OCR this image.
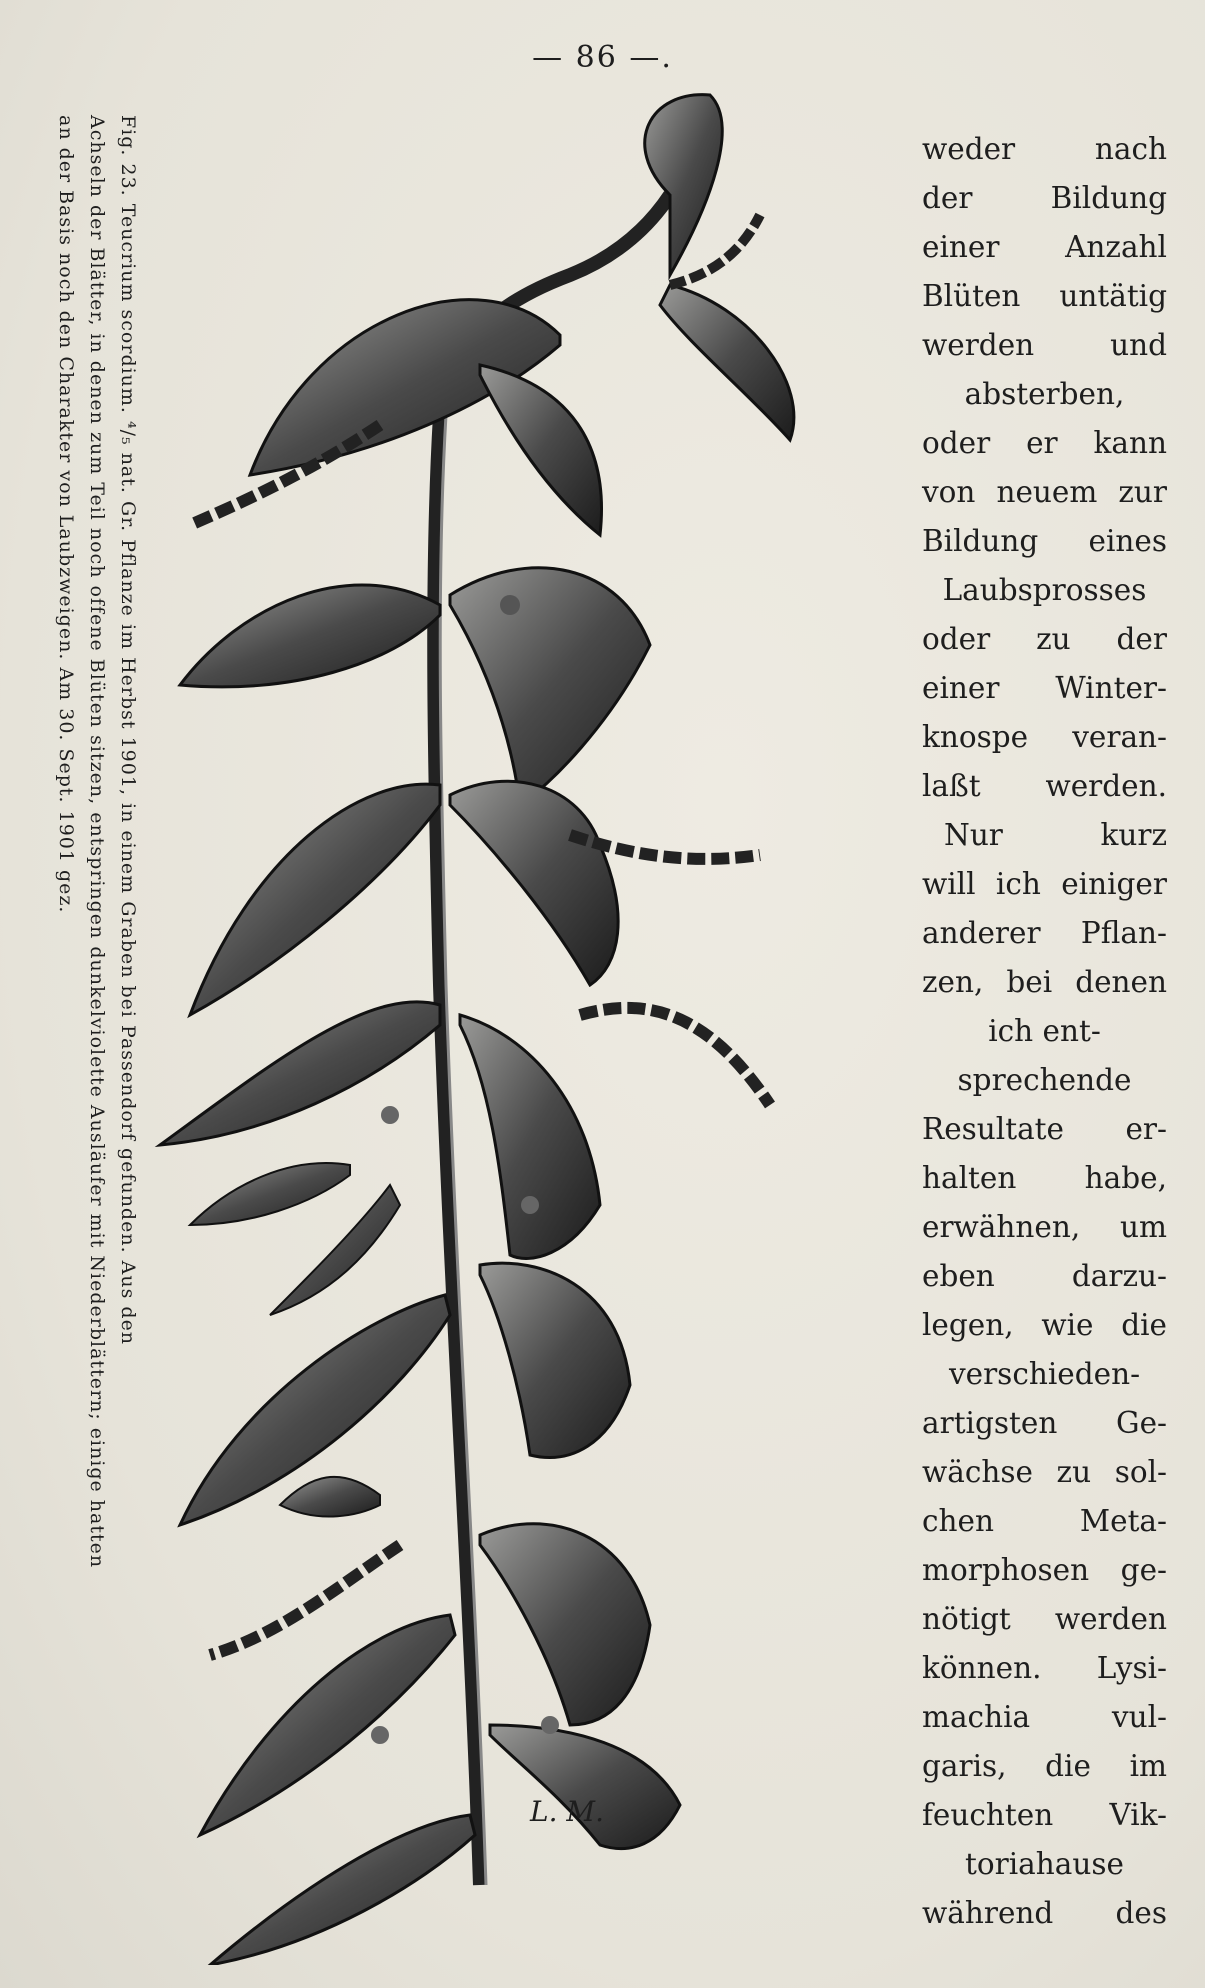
— 86 —.
Fig. 23. Teucrium scordium. ⁴/₅ nat. Gr. Pflanze im Herbst 1901, in einem Graben bei Passendorf gefunden. Aus den
Achseln der Blätter, in denen zum Teil noch offene Blüten sitzen, entspringen dunkelviolette Ausläufer mit Niederblättern; einige hatten
an der Basis noch den Charakter von Laubzweigen. Am 30. Sept. 1901 gez.
L. M.
weder nach
der Bildung
einer Anzahl
Blüten untätig
werden und
absterben,
oder er kann
von neuem zur
Bildung eines
Laubsprosses
oder zu der
einer Winter-
knospe veran-
laßt werden.
Nur kurz
will ich einiger
anderer Pflan-
zen, bei denen
ich ent-
sprechende
Resultate er-
halten habe,
erwähnen, um
eben darzu-
legen, wie die
verschieden-
artigsten Ge-
wächse zu sol-
chen Meta-
morphosen ge-
nötigt werden
können. Lysi-
machia vul-
garis, die im
feuchten Vik-
toriahause
während des
